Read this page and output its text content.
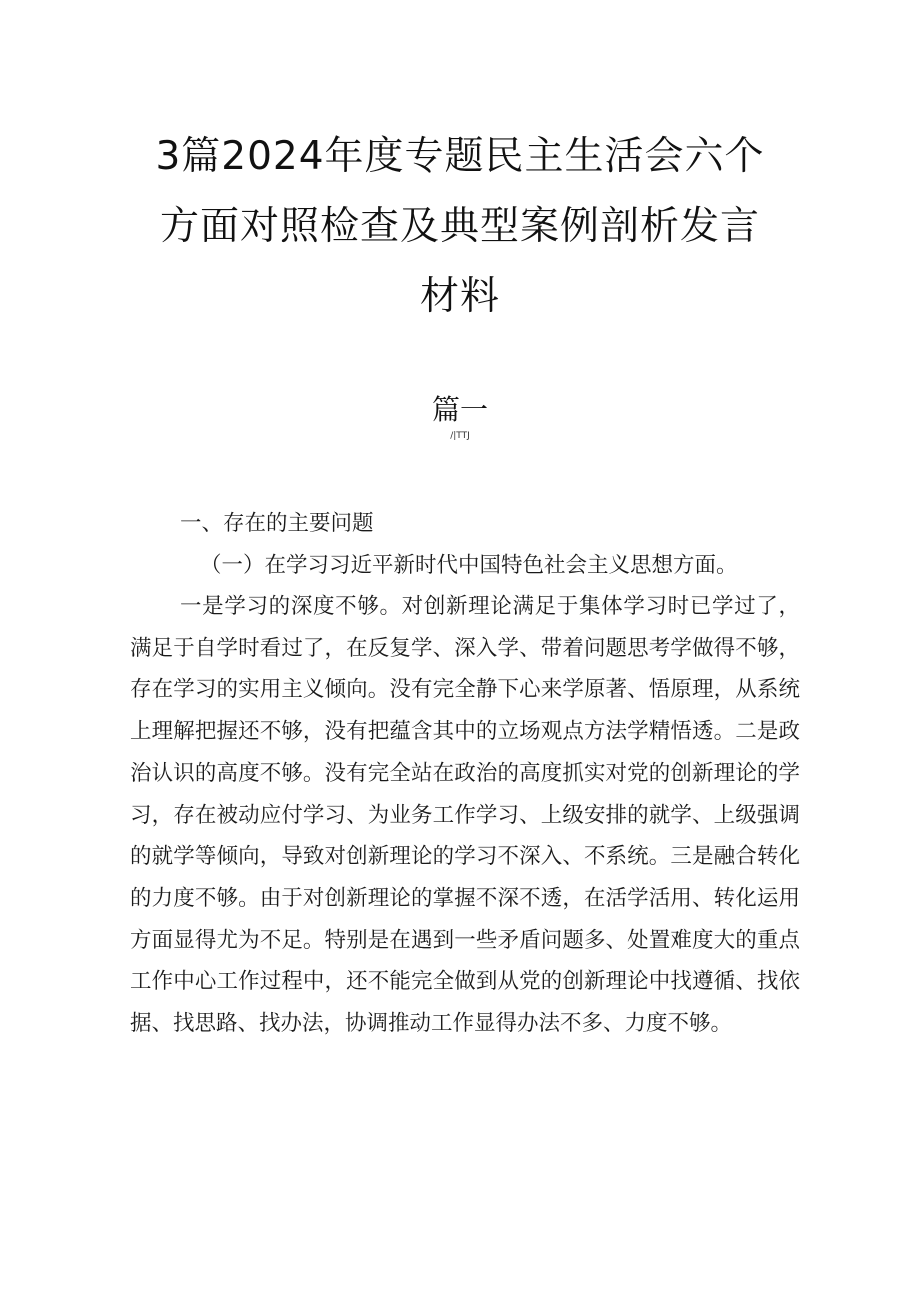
3篇2024年度专题民主生活会六个
方面对照检查及典型案例剖析发言
材料
篇一
/|TTJ
一、存在的主要问题
（一）在学习习近平新时代中国特色社会主义思想方面。

一是学习的深度不够。对创新理论满足于集体学习时已学过了，满足于自学时看过了，在反复学、深入学、带着问题思考学做得不够，存在学习的实用主义倾向。没有完全静下心来学原著、悟原理，从系统上理解把握还不够，没有把蕴含其中的立场观点方法学精悟透。二是政治认识的高度不够。没有完全站在政治的高度抓实对党的创新理论的学习，存在被动应付学习、为业务工作学习、上级安排的就学、上级强调的就学等倾向，导致对创新理论的学习不深入、不系统。三是融合转化的力度不够。由于对创新理论的掌握不深不透，在活学活用、转化运用方面显得尤为不足。特别是在遇到一些矛盾问题多、处置难度大的重点工作中心工作过程中，还不能完全做到从党的创新理论中找遵循、找依据、找思路、找办法，协调推动工作显得办法不多、力度不够。
